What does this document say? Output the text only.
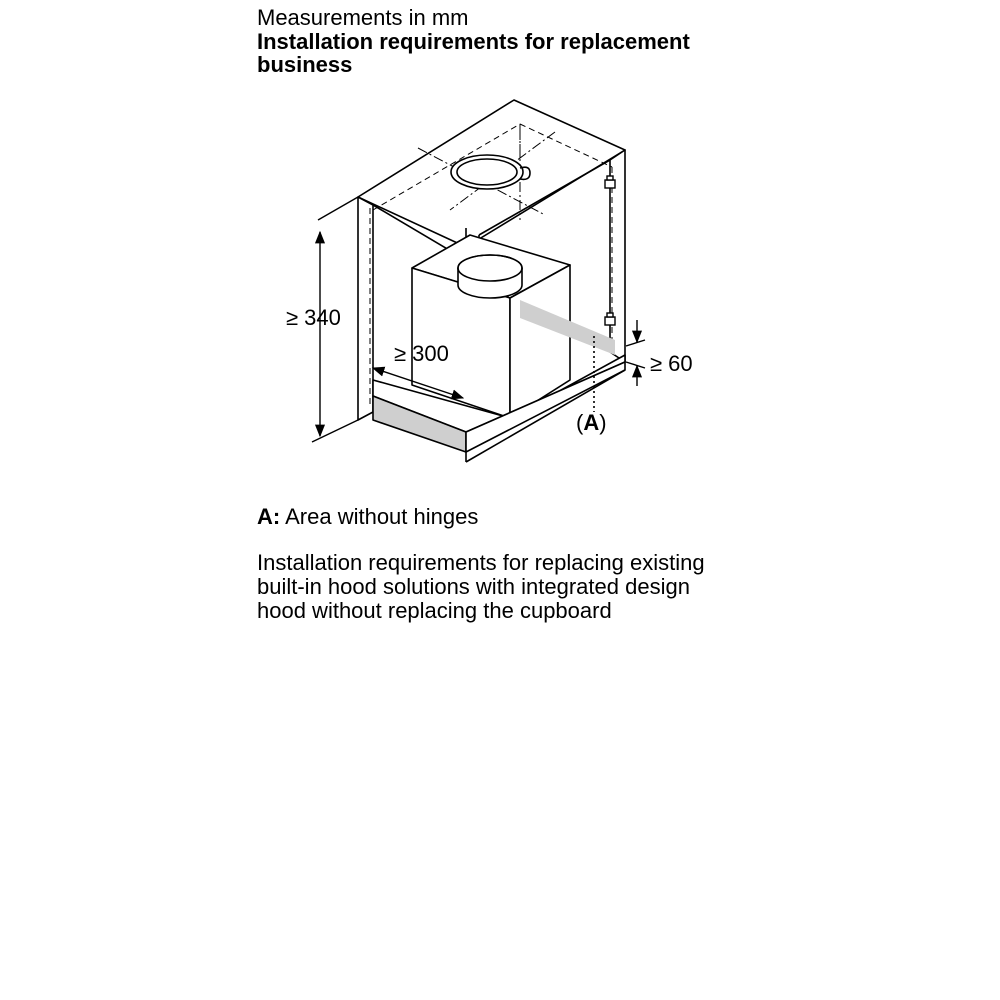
Measurements in mm
Installation requirements for replacement
business
≥ 340
≥ 300	≥ 60
(A)
A: Area without hinges
Installation requirements for replacing existing
built-in hood solutions with integrated design
hood without replacing the cupboard
